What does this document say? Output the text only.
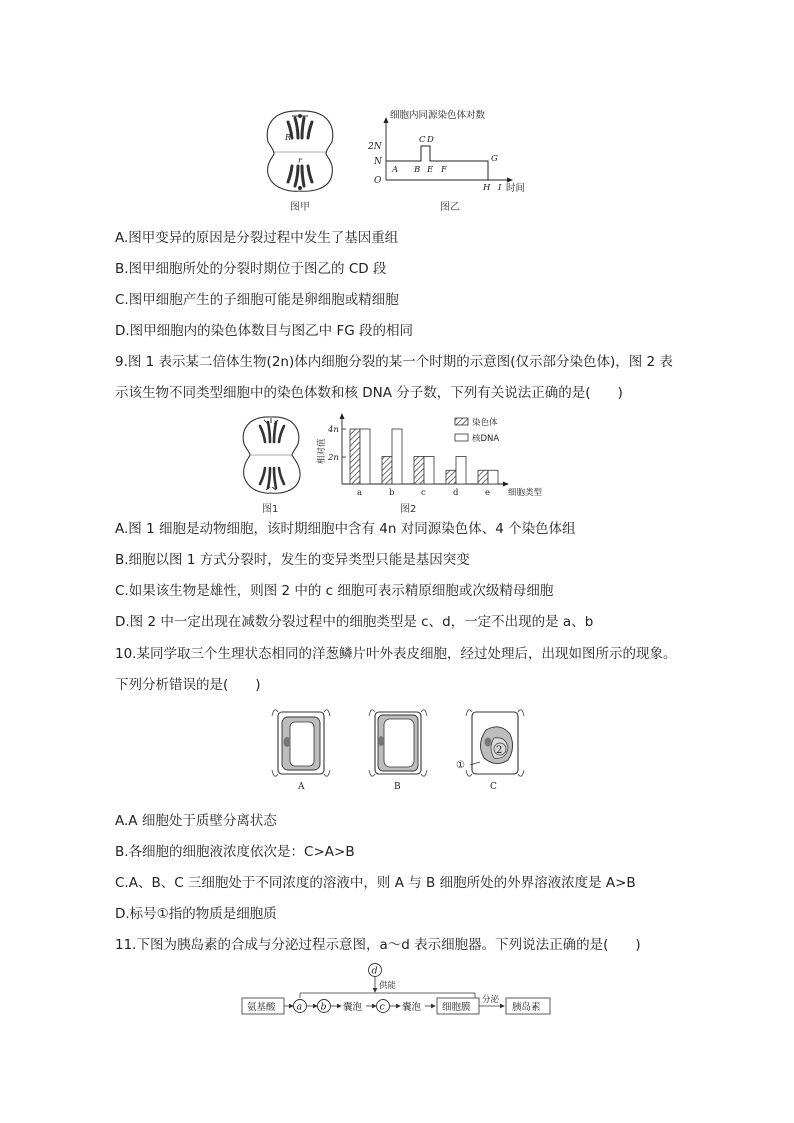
R
r
图甲
细胞内同源染色体对数
2N
N
O
A B
C D
E F
G
H I 时间
图乙
A.图甲变异的原因是分裂过程中发生了基因重组
B.图甲细胞所处的分裂时期位于图乙的 CD 段
C.图甲细胞产生的子细胞可能是卵细胞或精细胞
D.图甲细胞内的染色体数目与图乙中 FG 段的相同
9.图 1 表示某二倍体生物(2n)体内细胞分裂的某一个时期的示意图(仅示部分染色体)，图 2 表
示该生物不同类型细胞中的染色体数和核 DNA 分子数，下列有关说法正确的是(　　)
图1
相对值
4n
2n
a	b	c	d	e 细胞类型
染色体
核DNA
图2
A.图 1 细胞是动物细胞，该时期细胞中含有 4n 对同源染色体、4 个染色体组
B.细胞以图 1 方式分裂时，发生的变异类型只能是基因突变
C.如果该生物是雄性，则图 2 中的 c 细胞可表示精原细胞或次级精母细胞
D.图 2 中一定出现在减数分裂过程中的细胞类型是 c、d，一定不出现的是 a、b
10.某同学取三个生理状态相同的洋葱鳞片叶外表皮细胞，经过处理后，出现如图所示的现象。
下列分析错误的是(　　)
2
①
A	B	C
A.A 细胞处于质壁分离状态
B.各细胞的细胞液浓度依次是：C>A>B
C.A、B、C 三细胞处于不同浓度的溶液中，则 A 与 B 细胞所处的外界溶液浓度是 A>B
D.标号①指的物质是细胞质
11.下图为胰岛素的合成与分泌过程示意图，a～d 表示细胞器。下列说法正确的是(　　)
d
供能
氨基酸 a b 囊泡 c 囊泡 细胞膜
分泌
胰岛素
